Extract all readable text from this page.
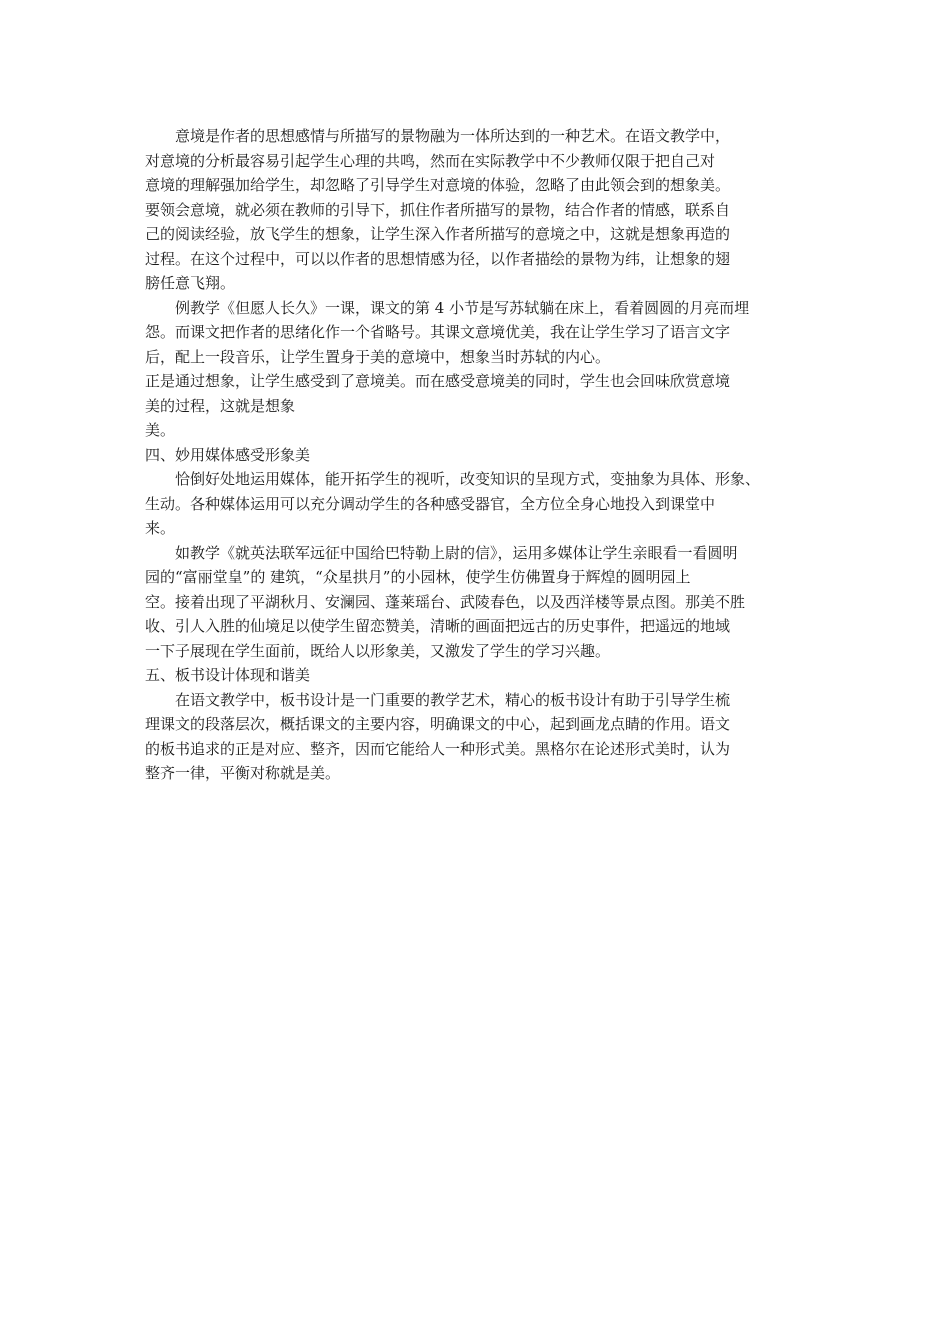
意境是作者的思想感情与所描写的景物融为一体所达到的一种艺术。在语文教学中，
对意境的分析最容易引起学生心理的共鸣，然而在实际教学中不少教师仅限于把自己对
意境的理解强加给学生，却忽略了引导学生对意境的体验，忽略了由此领会到的想象美。
要领会意境，就必须在教师的引导下，抓住作者所描写的景物，结合作者的情感，联系自
己的阅读经验，放飞学生的想象，让学生深入作者所描写的意境之中，这就是想象再造的
过程。在这个过程中，可以以作者的思想情感为径，以作者描绘的景物为纬，让想象的翅
膀任意飞翔。
例教学《但愿人长久》一课，课文的第 4 小节是写苏轼躺在床上，看着圆圆的月亮而埋
怨。而课文把作者的思绪化作一个省略号。其课文意境优美，我在让学生学习了语言文字
后，配上一段音乐，让学生置身于美的意境中，想象当时苏轼的内心。
正是通过想象，让学生感受到了意境美。而在感受意境美的同时，学生也会回味欣赏意境
美的过程，这就是想象
美。
四、妙用媒体感受形象美
恰倒好处地运用媒体，能开拓学生的视听，改变知识的呈现方式，变抽象为具体、形象、
生动。各种媒体运用可以充分调动学生的各种感受器官，全方位全身心地投入到课堂中
来。
如教学《就英法联军远征中国给巴特勒上尉的信》，运用多媒体让学生亲眼看一看圆明
园的“富丽堂皇”的 建筑，“众星拱月”的小园林，使学生仿佛置身于辉煌的圆明园上
空。接着出现了平湖秋月、安澜园、蓬莱瑶台、武陵春色，以及西洋楼等景点图。那美不胜
收、引人入胜的仙境足以使学生留恋赞美，清晰的画面把远古的历史事件，把遥远的地域
一下子展现在学生面前，既给人以形象美，又激发了学生的学习兴趣。
五、板书设计体现和谐美
在语文教学中，板书设计是一门重要的教学艺术，精心的板书设计有助于引导学生梳
理课文的段落层次，概括课文的主要内容，明确课文的中心，起到画龙点睛的作用。语文
的板书追求的正是对应、整齐，因而它能给人一种形式美。黑格尔在论述形式美时，认为
整齐一律，平衡对称就是美。
